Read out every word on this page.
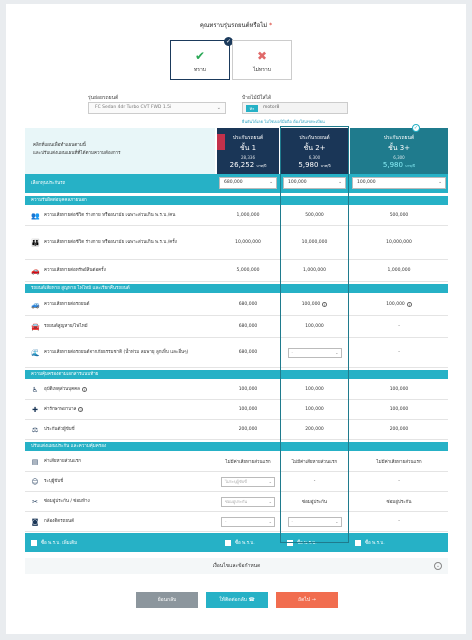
คุณทราบรุ่นรถยนต์หรือไม่ *
✔
ทราบ
✓
✖
ไม่ทราบ
รุ่นย่อยรถยนต์
FC Sedan 4dr Turbo CVT FWD 1.5i	⌄
ป้ายไม้มีใส่ได้
ทะ	motor8
ยืนยันได้เลย ไม่ใช่เบอร์มือถือ ต้องใส่เลขทะเบียน
คลิกที่แผนเพื่อทำแผนตามนี้
และปรับแต่งแผนแผนที่ที่ได้ตามความต้องการ
ประกันรถยนต์
ชั้น 1
28,336
26,252 บาท/ปี
ประกันรถยนต์
ชั้น 2+
6,300
5,980 บาท/ปี
✓
ประกันรถยนต์
ชั้น 3+
6,300
5,980 บาท/ปี
เลือกทุนประกันรถ	680,000	⌄	100,000	⌄	100,000	⌄
ความรับผิดต่อบุคคลภายนอก
👥 ความเสียหายต่อชีวิต ร่างกาย หรืออนามัย เฉพาะส่วนเกิน พ.ร.บ./คน	1,000,000	500,000	500,000
👪 ความเสียหายต่อชีวิต ร่างกาย หรืออนามัย เฉพาะส่วนเกิน พ.ร.บ./ครั้ง	10,000,000	10,000,000	10,000,000
🚗 ความเสียหายต่อทรัพย์สินต่อครั้ง	5,000,000	1,000,000	1,000,000
รถยนต์เสียหาย สูญหาย ไฟไหม้ และเรียกคืนรถยนต์
🚙 ความเสียหายต่อรถยนต์	680,000	100,000	i	100,000	i
🚘 รถยนต์สูญหาย/ไฟไหม้	680,000	100,000	-
🌊 ความเสียหายต่อรถยนต์จากภัยธรรมชาติ (น้ำท่วม ลมพายุ ลูกเห็บ และอื่นๆ)	680,000	-	⌄	-
ความคุ้มครองตามเอกสารแนบท้าย
♿ อุบัติเหตุส่วนบุคคล	i	100,000	100,000	100,000
✚ ค่ารักษาพยาบาล	i	100,000	100,000	100,000
⚖ ประกันตัวผู้ขับขี่	200,000	200,000	200,000
ปรับแต่งแผนประกัน และความคุ้มครอง
▤ ค่าเสียหายส่วนแรก	ไม่มีค่าเสียหายส่วนแรก	ไม่มีค่าเสียหายส่วนแรก	ไม่มีค่าเสียหายส่วนแรก
☺ ระบุผู้ขับขี่	ไม่ระบุผู้ขับขี่	⌄	-	-
✂ ซ่อมอู่ประกัน / ซ่อมห้าง	ซ่อมอู่ประกัน	⌄	ซ่อมอู่ประกัน	ซ่อมอู่ประกัน
◙ กล้องติดรถยนต์	-	⌄	-	⌄	-
ซื้อ พ.ร.บ. เพิ่มเติม	ซื้อ พ.ร.บ.	ซื้อ พ.ร.บ.	ซื้อ พ.ร.บ.
เงื่อนไขและข้อกำหนด	⌄
ย้อนกลับ	ให้ติดต่อกลับ ☎	ถัดไป →
